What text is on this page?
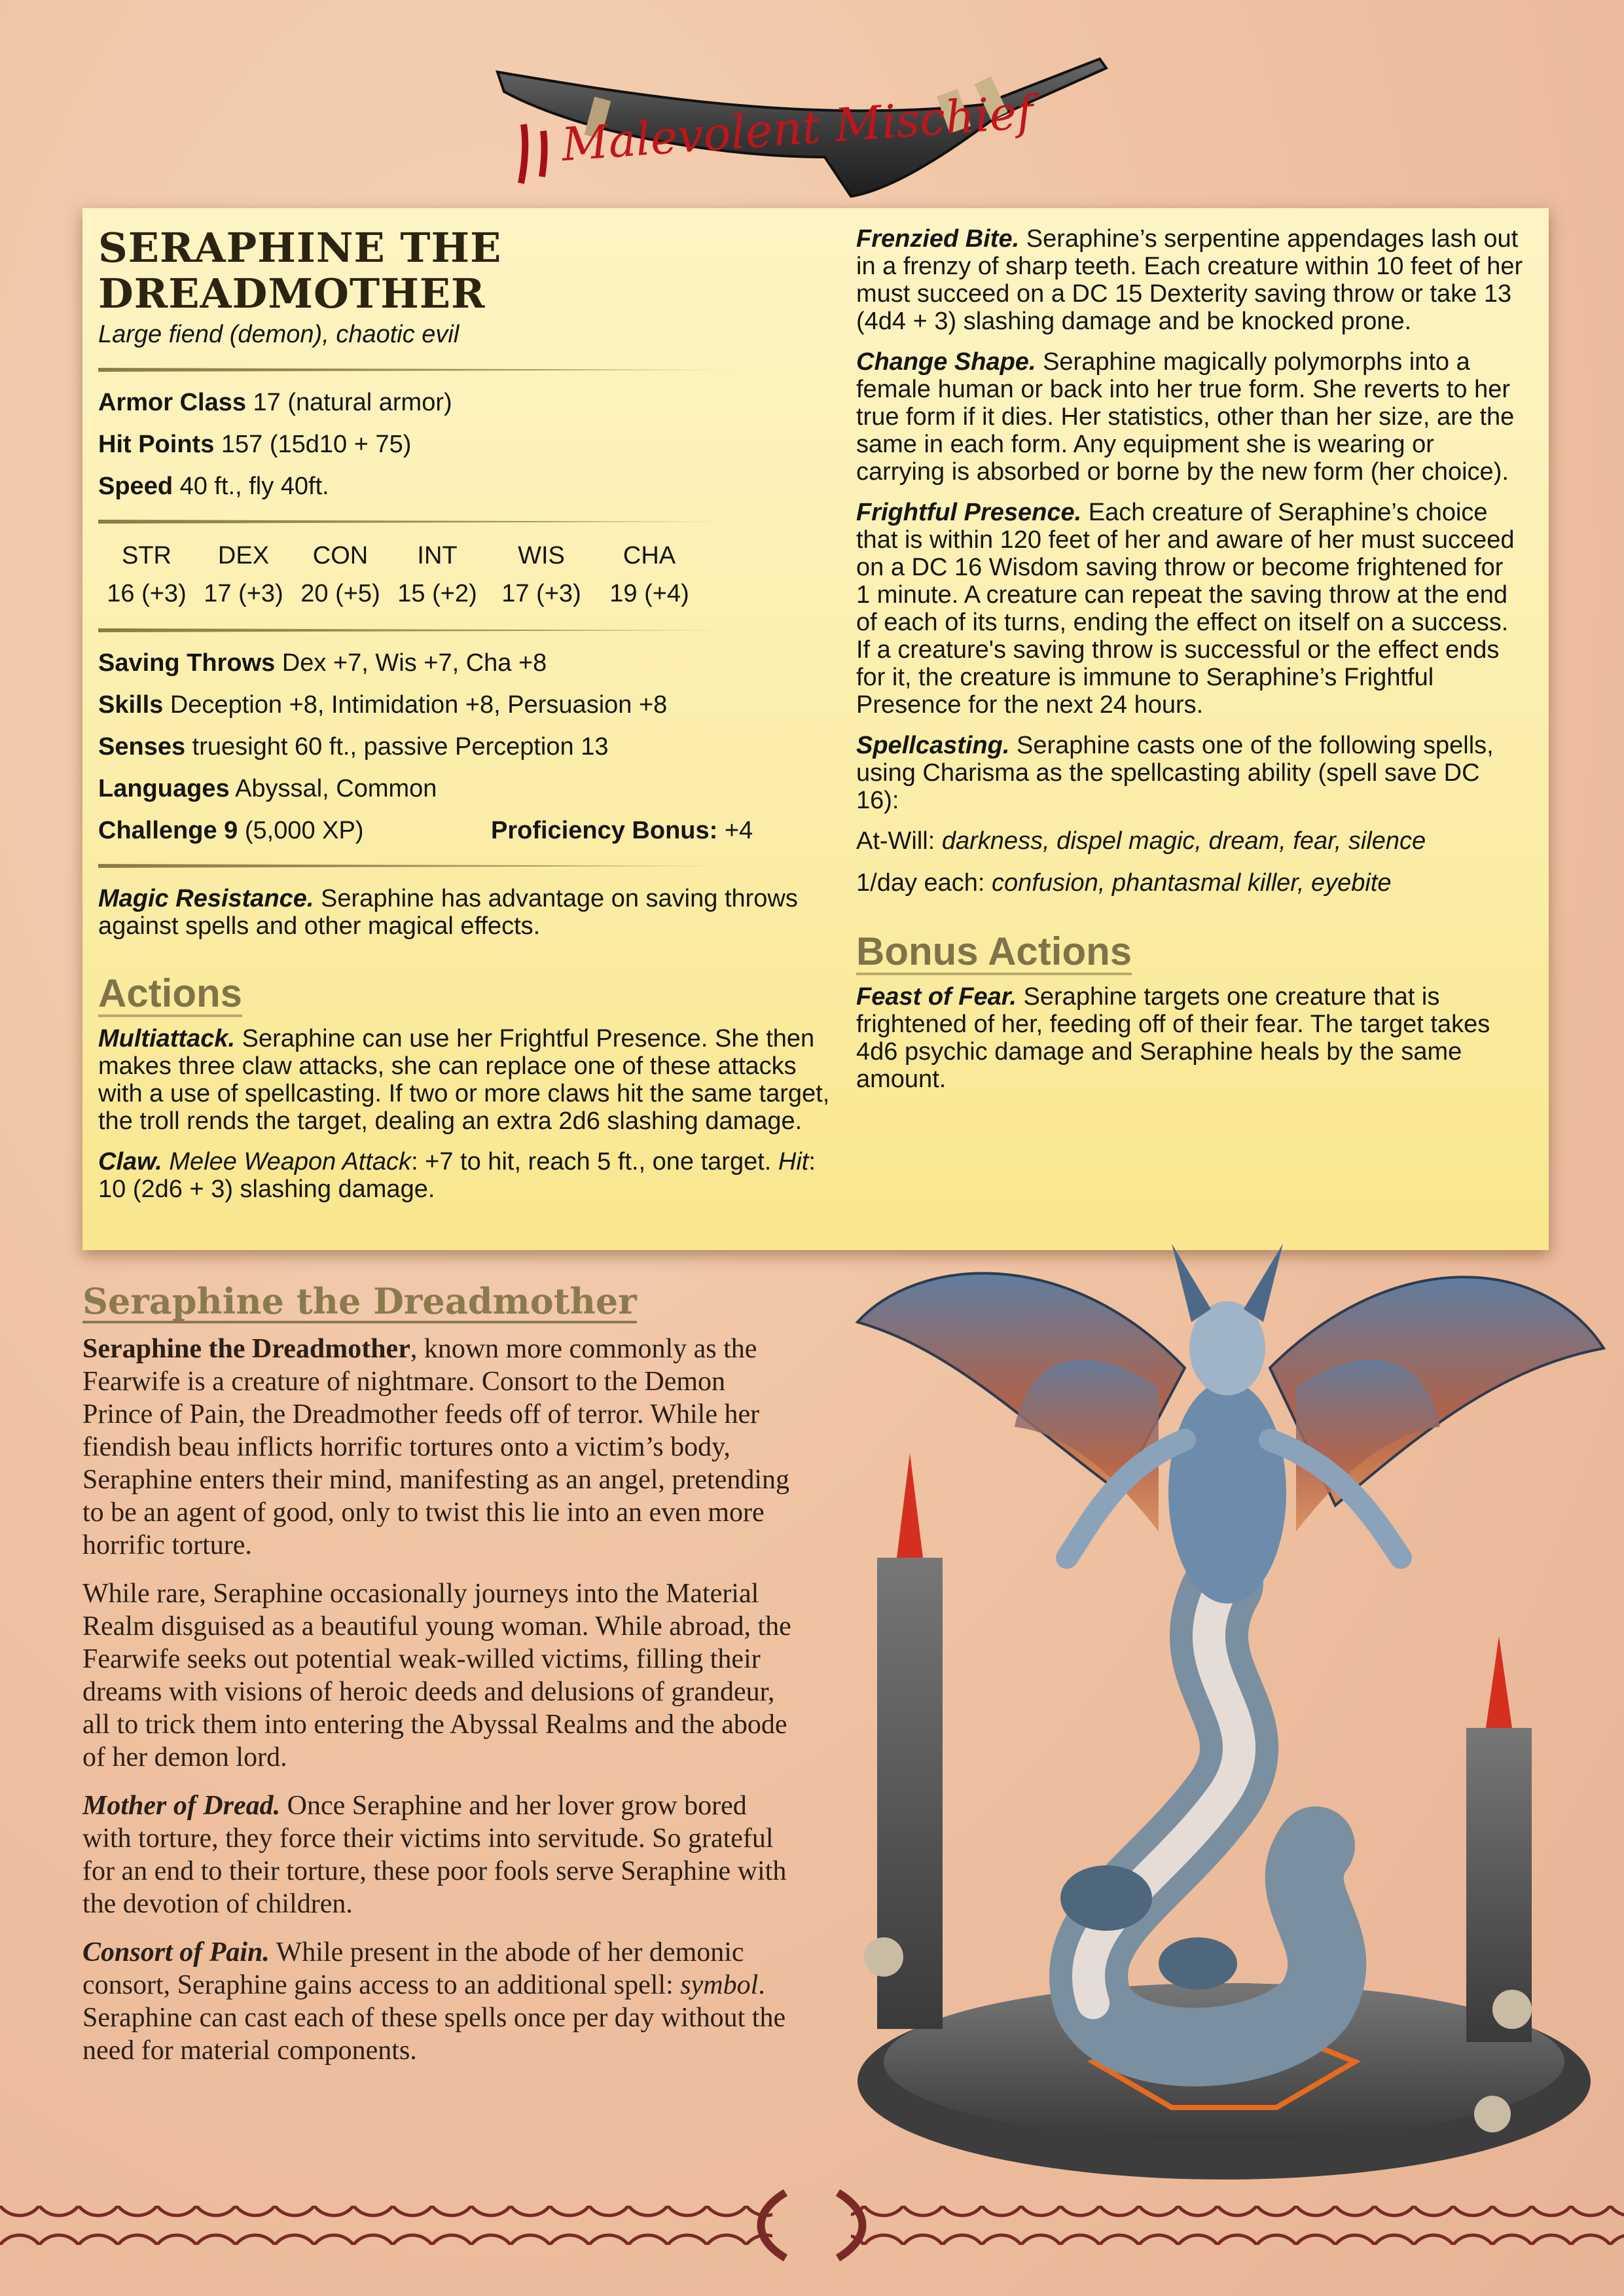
Malevolent Mischief
SERAPHINE THE DREADMOTHER

Large fiend (demon), chaotic evil

Armor Class 17 (natural armor)

Hit Points 157 (15d10 + 75)

Speed 40 ft., fly 40ft.

STR
16 (+3)
DEX
17 (+3)
CON
20 (+5)
INT
15 (+2)
WIS
17 (+3)
CHA
19 (+4)

Saving Throws Dex +7, Wis +7, Cha +8

Skills Deception +8, Intimidation +8, Persuasion +8

Senses truesight 60 ft., passive Perception 13

Languages Abyssal, Common

Challenge 9 (5,000 XP)	Proficiency Bonus: +4

Magic Resistance. Seraphine has advantage on saving throws against spells and other magical effects.

Actions

Multiattack. Seraphine can use her Frightful Presence. She then makes three claw attacks, she can replace one of these attacks with a use of spellcasting. If two or more claws hit the same target, the troll rends the target, dealing an extra 2d6 slashing damage.

Claw. Melee Weapon Attack: +7 to hit, reach 5 ft., one target. Hit: 10 (2d6 + 3) slashing damage.

Frenzied Bite. Seraphine’s serpentine appendages lash out in a frenzy of sharp teeth. Each creature within 10 feet of her must succeed on a DC 15 Dexterity saving throw or take 13 (4d4 + 3) slashing damage and be knocked prone.

Change Shape. Seraphine magically polymorphs into a female human or back into her true form. She reverts to her true form if it dies. Her statistics, other than her size, are the same in each form. Any equipment she is wearing or carrying is absorbed or borne by the new form (her choice).

Frightful Presence. Each creature of Seraphine’s choice that is within 120 feet of her and aware of her must succeed on a DC 16 Wisdom saving throw or become frightened for 1 minute. A creature can repeat the saving throw at the end of each of its turns, ending the effect on itself on a success. If a creature's saving throw is successful or the effect ends for it, the creature is immune to Seraphine’s Frightful Presence for the next 24 hours.

Spellcasting. Seraphine casts one of the following spells, using Charisma as the spellcasting ability (spell save DC 16):

At-Will: darkness, dispel magic, dream, fear, silence

1/day each: confusion, phantasmal killer, eyebite

Bonus Actions

Feast of Fear. Seraphine targets one creature that is frightened of her, feeding off of their fear. The target takes 4d6 psychic damage and Seraphine heals by the same amount.

Seraphine the Dreadmother

Seraphine the Dreadmother, known more commonly as the Fearwife is a creature of nightmare. Consort to the Demon Prince of Pain, the Dreadmother feeds off of terror. While her fiendish beau inflicts horrific tortures onto a victim’s body, Seraphine enters their mind, manifesting as an angel, pretending to be an agent of good, only to twist this lie into an even more horrific torture.

While rare, Seraphine occasionally journeys into the Material Realm disguised as a beautiful young woman. While abroad, the Fearwife seeks out potential weak-willed victims, filling their dreams with visions of heroic deeds and delusions of grandeur, all to trick them into entering the Abyssal Realms and the abode of her demon lord.

Mother of Dread. Once Seraphine and her lover grow bored with torture, they force their victims into servitude. So grateful for an end to their torture, these poor fools serve Seraphine with the devotion of children.

Consort of Pain. While present in the abode of her demonic consort, Seraphine gains access to an additional spell: symbol. Seraphine can cast each of these spells once per day without the need for material components.
